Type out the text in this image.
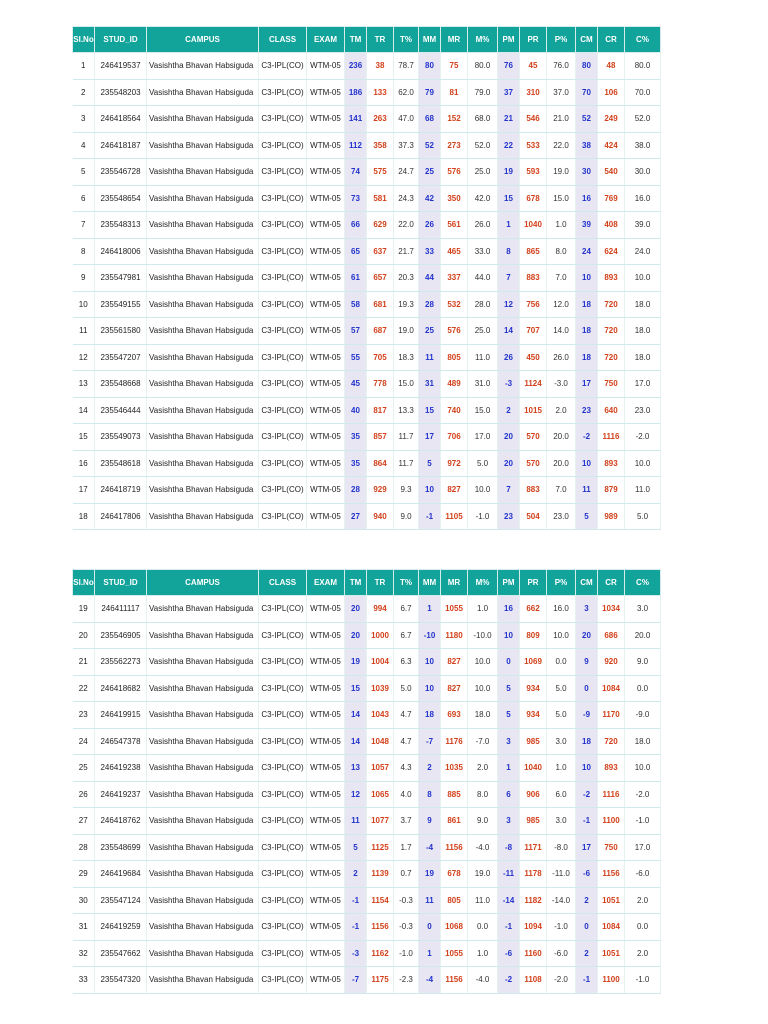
Sl.No	STUD_ID	CAMPUS	CLASS	EXAM	TM	TR	T%	MM	MR	M%	PM	PR	P%	CM	CR	C%
1	246419537	Vasishtha Bhavan Habsiguda	C3-IPL(CO)	WTM-05	236	38	78.7	80	75	80.0	76	45	76.0	80	48	80.0
2	235548203	Vasishtha Bhavan Habsiguda	C3-IPL(CO)	WTM-05	186	133	62.0	79	81	79.0	37	310	37.0	70	106	70.0
3	246418564	Vasishtha Bhavan Habsiguda	C3-IPL(CO)	WTM-05	141	263	47.0	68	152	68.0	21	546	21.0	52	249	52.0
4	246418187	Vasishtha Bhavan Habsiguda	C3-IPL(CO)	WTM-05	112	358	37.3	52	273	52.0	22	533	22.0	38	424	38.0
5	235546728	Vasishtha Bhavan Habsiguda	C3-IPL(CO)	WTM-05	74	575	24.7	25	576	25.0	19	593	19.0	30	540	30.0
6	235548654	Vasishtha Bhavan Habsiguda	C3-IPL(CO)	WTM-05	73	581	24.3	42	350	42.0	15	678	15.0	16	769	16.0
7	235548313	Vasishtha Bhavan Habsiguda	C3-IPL(CO)	WTM-05	66	629	22.0	26	561	26.0	1	1040	1.0	39	408	39.0
8	246418006	Vasishtha Bhavan Habsiguda	C3-IPL(CO)	WTM-05	65	637	21.7	33	465	33.0	8	865	8.0	24	624	24.0
9	235547981	Vasishtha Bhavan Habsiguda	C3-IPL(CO)	WTM-05	61	657	20.3	44	337	44.0	7	883	7.0	10	893	10.0
10	235549155	Vasishtha Bhavan Habsiguda	C3-IPL(CO)	WTM-05	58	681	19.3	28	532	28.0	12	756	12.0	18	720	18.0
11	235561580	Vasishtha Bhavan Habsiguda	C3-IPL(CO)	WTM-05	57	687	19.0	25	576	25.0	14	707	14.0	18	720	18.0
12	235547207	Vasishtha Bhavan Habsiguda	C3-IPL(CO)	WTM-05	55	705	18.3	11	805	11.0	26	450	26.0	18	720	18.0
13	235548668	Vasishtha Bhavan Habsiguda	C3-IPL(CO)	WTM-05	45	778	15.0	31	489	31.0	-3	1124	-3.0	17	750	17.0
14	235546444	Vasishtha Bhavan Habsiguda	C3-IPL(CO)	WTM-05	40	817	13.3	15	740	15.0	2	1015	2.0	23	640	23.0
15	235549073	Vasishtha Bhavan Habsiguda	C3-IPL(CO)	WTM-05	35	857	11.7	17	706	17.0	20	570	20.0	-2	1116	-2.0
16	235548618	Vasishtha Bhavan Habsiguda	C3-IPL(CO)	WTM-05	35	864	11.7	5	972	5.0	20	570	20.0	10	893	10.0
17	246418719	Vasishtha Bhavan Habsiguda	C3-IPL(CO)	WTM-05	28	929	9.3	10	827	10.0	7	883	7.0	11	879	11.0
18	246417806	Vasishtha Bhavan Habsiguda	C3-IPL(CO)	WTM-05	27	940	9.0	-1	1105	-1.0	23	504	23.0	5	989	5.0
Sl.No	STUD_ID	CAMPUS	CLASS	EXAM	TM	TR	T%	MM	MR	M%	PM	PR	P%	CM	CR	C%
19	246411117	Vasishtha Bhavan Habsiguda	C3-IPL(CO)	WTM-05	20	994	6.7	1	1055	1.0	16	662	16.0	3	1034	3.0
20	235546905	Vasishtha Bhavan Habsiguda	C3-IPL(CO)	WTM-05	20	1000	6.7	-10	1180	-10.0	10	809	10.0	20	686	20.0
21	235562273	Vasishtha Bhavan Habsiguda	C3-IPL(CO)	WTM-05	19	1004	6.3	10	827	10.0	0	1069	0.0	9	920	9.0
22	246418682	Vasishtha Bhavan Habsiguda	C3-IPL(CO)	WTM-05	15	1039	5.0	10	827	10.0	5	934	5.0	0	1084	0.0
23	246419915	Vasishtha Bhavan Habsiguda	C3-IPL(CO)	WTM-05	14	1043	4.7	18	693	18.0	5	934	5.0	-9	1170	-9.0
24	246547378	Vasishtha Bhavan Habsiguda	C3-IPL(CO)	WTM-05	14	1048	4.7	-7	1176	-7.0	3	985	3.0	18	720	18.0
25	246419238	Vasishtha Bhavan Habsiguda	C3-IPL(CO)	WTM-05	13	1057	4.3	2	1035	2.0	1	1040	1.0	10	893	10.0
26	246419237	Vasishtha Bhavan Habsiguda	C3-IPL(CO)	WTM-05	12	1065	4.0	8	885	8.0	6	906	6.0	-2	1116	-2.0
27	246418762	Vasishtha Bhavan Habsiguda	C3-IPL(CO)	WTM-05	11	1077	3.7	9	861	9.0	3	985	3.0	-1	1100	-1.0
28	235548699	Vasishtha Bhavan Habsiguda	C3-IPL(CO)	WTM-05	5	1125	1.7	-4	1156	-4.0	-8	1171	-8.0	17	750	17.0
29	246419684	Vasishtha Bhavan Habsiguda	C3-IPL(CO)	WTM-05	2	1139	0.7	19	678	19.0	-11	1178	-11.0	-6	1156	-6.0
30	235547124	Vasishtha Bhavan Habsiguda	C3-IPL(CO)	WTM-05	-1	1154	-0.3	11	805	11.0	-14	1182	-14.0	2	1051	2.0
31	246419259	Vasishtha Bhavan Habsiguda	C3-IPL(CO)	WTM-05	-1	1156	-0.3	0	1068	0.0	-1	1094	-1.0	0	1084	0.0
32	235547662	Vasishtha Bhavan Habsiguda	C3-IPL(CO)	WTM-05	-3	1162	-1.0	1	1055	1.0	-6	1160	-6.0	2	1051	2.0
33	235547320	Vasishtha Bhavan Habsiguda	C3-IPL(CO)	WTM-05	-7	1175	-2.3	-4	1156	-4.0	-2	1108	-2.0	-1	1100	-1.0
